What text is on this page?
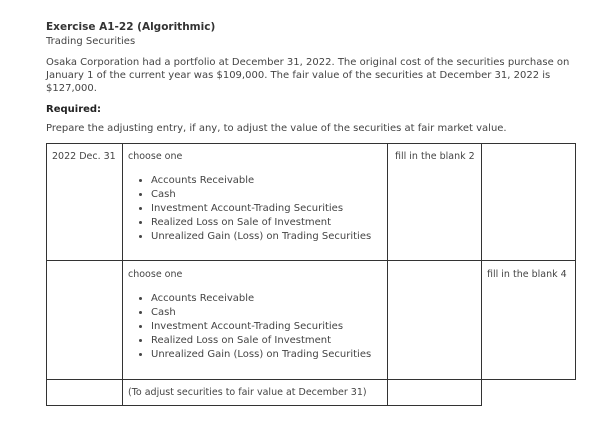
Exercise A1-22 (Algorithmic)
Trading Securities
Osaka Corporation had a portfolio at December 31, 2022. The original cost of the securities purchase on
January 1 of the current year was $109,000. The fair value of the securities at December 31, 2022 is
$127,000.
Required:
Prepare the adjusting entry, if any, to adjust the value of the securities at fair market value.
2022 Dec. 31 choose one
• Accounts Receivable
• Cash
• Investment Account-Trading Securities
• Realized Loss on Sale of Investment
• Unrealized Gain (Loss) on Trading Securities
fill in the blank 2
choose one
• Accounts Receivable
• Cash
• Investment Account-Trading Securities
• Realized Loss on Sale of Investment
• Unrealized Gain (Loss) on Trading Securities
fill in the blank 4
(To adjust securities to fair value at December 31)
